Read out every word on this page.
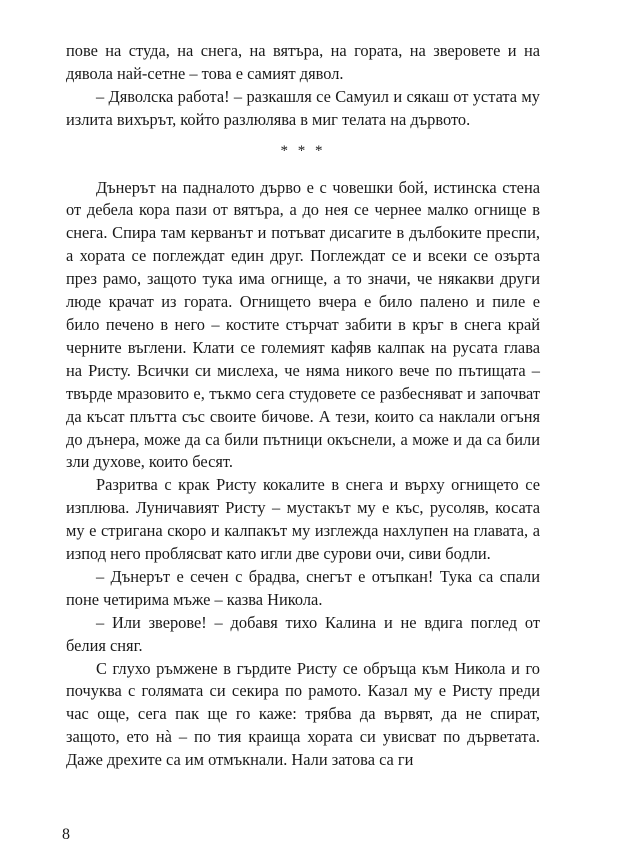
пове на студа, на снега, на вятъра, на гората, на зверовете и на дявола най-сетне – това е самият дявол.

– Дяволска работа! – разкашля се Самуил и сякаш от устата му излита вихърът, който разлюлява в миг телата на дървото.

* * *

Дънерът на падналото дърво е с човешки бой, истинска стена от дебела кора пази от вятъра, а до нея се чернее малко огнище в снега. Спира там керванът и потъват дисагите в дълбоките преспи, а хората се поглеждат един друг. Поглеждат се и всеки се озърта през рамо, защото тука има огнище, а то значи, че някакви други люде крачат из гората. Огнището вчера е било палено и пиле е било печено в него – костите стърчат забити в кръг в снега край черните въглени. Клати се големият кафяв калпак на русата глава на Ристу. Всички си мислеха, че няма никого вече по пътищата – твърде мразовито е, тъкмо сега студовете се разбесняват и започват да късат плътта със своите бичове. А тези, които са наклали огъня до дънера, може да са били пътници окъснели, а може и да са били зли духове, които бесят.

Разритва с крак Ристу кокалите в снега и върху огнището се изплюва. Луничавият Ристу – мустакът му е къс, русоляв, косата му е стригана скоро и калпакът му изглежда нахлупен на главата, а изпод него проблясват като игли две сурови очи, сиви бодли.

– Дънерът е сечен с брадва, снегът е отъпкан! Тука са спали поне четирима мъже – казва Никола.

– Или зверове! – добавя тихо Калина и не вдига поглед от белия сняг.

С глухо ръмжене в гърдите Ристу се обръща към Никола и го почуква с голямата си секира по рамото. Казал му е Ристу преди час още, сега пак ще го каже: трябва да вървят, да не спират, защото, ето нà – по тия краища хората си увисват по дърветата. Даже дрехите са им отмъкнали. Нали затова са ги

8
